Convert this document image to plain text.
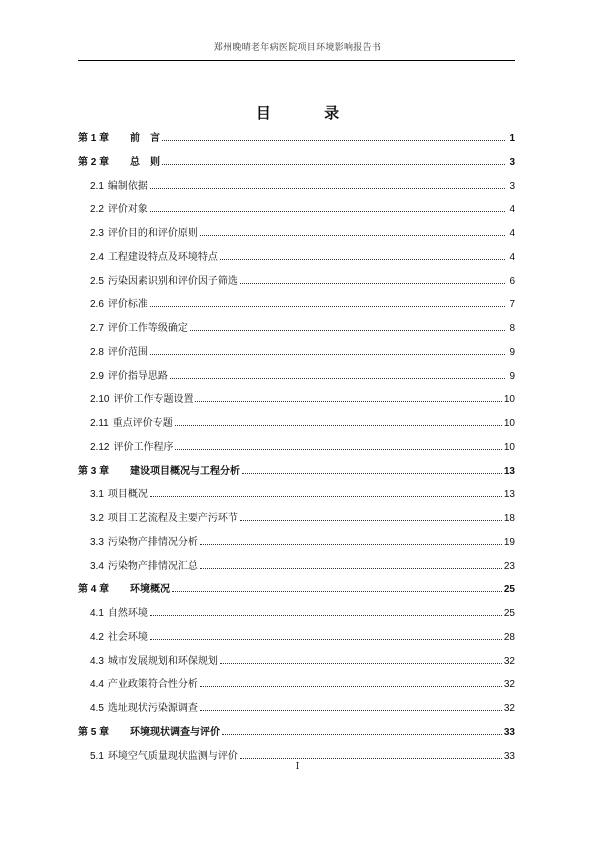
郑州晚晴老年病医院项目环境影响报告书
目 录
第 1 章	前　言	1
第 2 章	总　则	3
2.1 编制依据	3
2.2 评价对象	4
2.3 评价目的和评价原则	4
2.4 工程建设特点及环境特点	4
2.5 污染因素识别和评价因子筛选	6
2.6 评价标准	7
2.7 评价工作等级确定	8
2.8 评价范围	9
2.9 评价指导思路	9
2.10 评价工作专题设置	10
2.11 重点评价专题	10
2.12 评价工作程序	10
第 3 章	建设项目概况与工程分析	13
3.1 项目概况	13
3.2 项目工艺流程及主要产污环节	18
3.3 污染物产排情况分析	19
3.4 污染物产排情况汇总	23
第 4 章	环境概况	25
4.1 自然环境	25
4.2 社会环境	28
4.3 城市发展规划和环保规划	32
4.4 产业政策符合性分析	32
4.5 选址现状污染源调查	32
第 5 章	环境现状调查与评价	33
5.1 环境空气质量现状监测与评价	33
I
